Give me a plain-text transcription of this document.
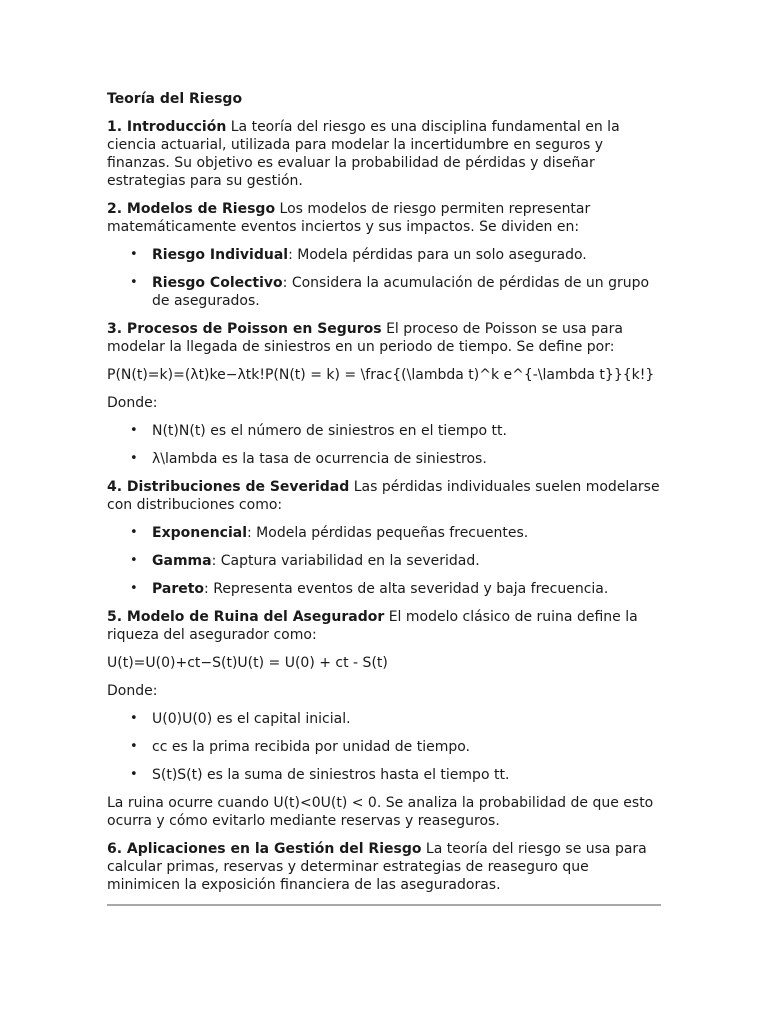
Teoría del Riesgo

1. Introducción La teoría del riesgo es una disciplina fundamental en la ciencia actuarial, utilizada para modelar la incertidumbre en seguros y finanzas. Su objetivo es evaluar la probabilidad de pérdidas y diseñar estrategias para su gestión.

2. Modelos de Riesgo Los modelos de riesgo permiten representar matemáticamente eventos inciertos y sus impactos. Se dividen en:

• Riesgo Individual: Modela pérdidas para un solo asegurado.
• Riesgo Colectivo: Considera la acumulación de pérdidas de un grupo de asegurados.

3. Procesos de Poisson en Seguros El proceso de Poisson se usa para modelar la llegada de siniestros en un periodo de tiempo. Se define por:

P(N(t)=k)=(λt)ke−λtk!P(N(t) = k) = \frac{(\lambda t)^k e^{-\lambda t}}{k!}

Donde:

• N(t)N(t) es el número de siniestros en el tiempo tt.
• λ\lambda es la tasa de ocurrencia de siniestros.

4. Distribuciones de Severidad Las pérdidas individuales suelen modelarse con distribuciones como:

• Exponencial: Modela pérdidas pequeñas frecuentes.
• Gamma: Captura variabilidad en la severidad.
• Pareto: Representa eventos de alta severidad y baja frecuencia.

5. Modelo de Ruina del Asegurador El modelo clásico de ruina define la riqueza del asegurador como:

U(t)=U(0)+ct−S(t)U(t) = U(0) + ct - S(t)

Donde:

• U(0)U(0) es el capital inicial.
• cc es la prima recibida por unidad de tiempo.
• S(t)S(t) es la suma de siniestros hasta el tiempo tt.

La ruina ocurre cuando U(t)<0U(t) < 0. Se analiza la probabilidad de que esto ocurra y cómo evitarlo mediante reservas y reaseguros.

6. Aplicaciones en la Gestión del Riesgo La teoría del riesgo se usa para calcular primas, reservas y determinar estrategias de reaseguro que minimicen la exposición financiera de las aseguradoras.
